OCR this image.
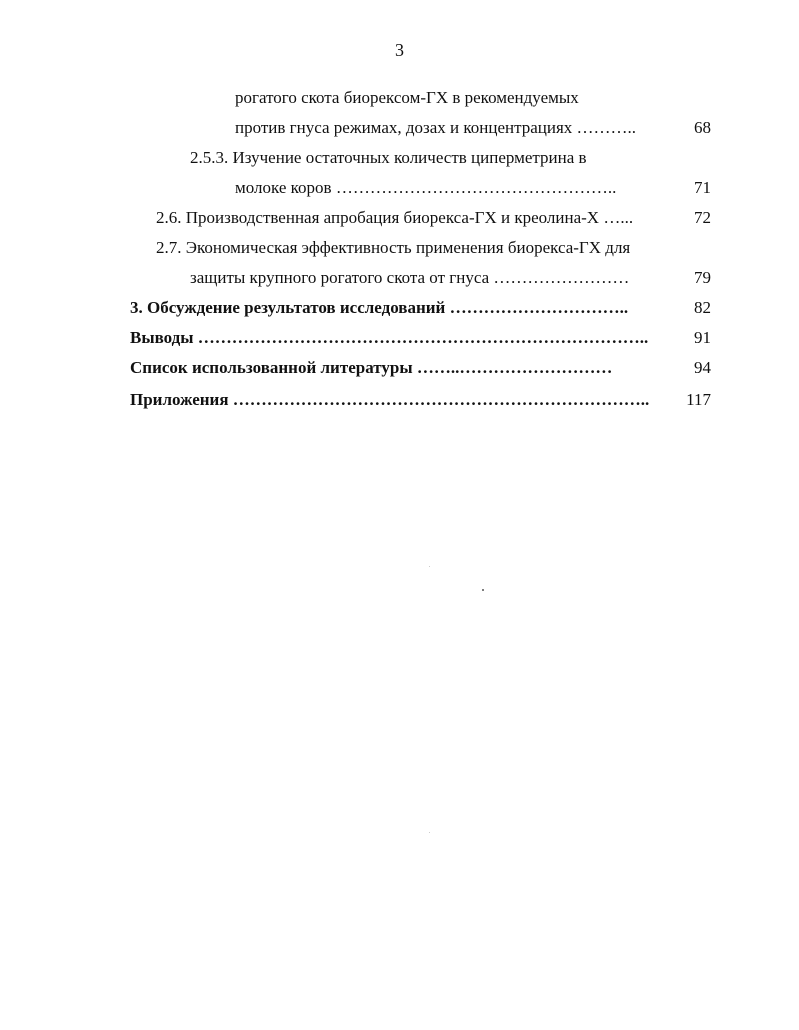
3
рогатого скота биорексом-ГХ в рекомендуемых
против гнуса режимах, дозах и концентрациях ………..	68
2.5.3. Изучение остаточных количеств циперметрина в
молоке коров …………………………………………..	71
2.6. Производственная апробация биорекса-ГХ и креолина-Х …...	72
2.7. Экономическая эффективность применения биорекса-ГХ для
защиты крупного рогатого скота от гнуса ……………………	79
3. Обсуждение результатов исследований …………………………..	82
Выводы ……………………………………………………………………..	91
Список использованной литературы ……..………………………	94
Приложения ………………………………………………………………..	117
